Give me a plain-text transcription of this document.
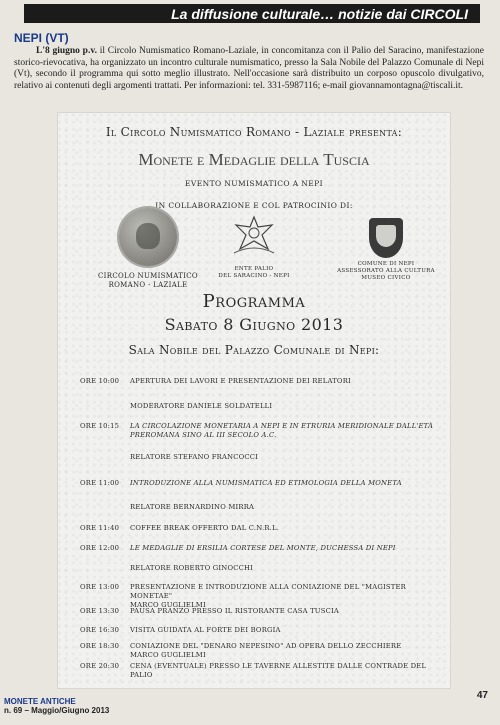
La diffusione culturale… notizie dai CIRCOLI
NEPI (VT)

L'8 giugno p.v. il Circolo Numismatico Romano-Laziale, in concomitanza con il Palio del Saracino, manifestazione storico-rievocativa, ha organizzato un incontro culturale numismatico, presso la Sala Nobile del Palazzo Comunale di Nepi (Vt), secondo il programma qui sotto meglio illustrato. Nell'occasione sarà distribuito un corposo opuscolo divulgativo, relativo ai contenuti degli argomenti trattati. Per informazioni: tel. 331-5987116; e-mail giovannamontagna@tiscali.it.

Il Circolo Numismatico Romano - Laziale presenta:
Monete e Medaglie della Tuscia
EVENTO NUMISMATICO A NEPI
IN COLLABORAZIONE E COL PATROCINIO DI:
CIRCOLO NUMISMATICO
ROMANO - LAZIALE
ENTE PALIO
DEL SARACINO - NEPI
COMUNE DI NEPI
ASSESSORATO ALLA CULTURA
MUSEO CIVICO
Programma
Sabato 8 Giugno 2013
Sala Nobile del Palazzo Comunale di Nepi:
ORE 10:00	APERTURA DEI LAVORI E PRESENTAZIONE DEI RELATORI
MODERATORE DANIELE SOLDATELLI
ORE 10:15	LA CIRCOLAZIONE MONETARIA A NEPI E IN ETRURIA MERIDIONALE DALL'ETÀ
PREROMANA SINO AL III SECOLO A.C.
RELATORE STEFANO FRANCOCCI
ORE 11:00	INTRODUZIONE ALLA NUMISMATICA ED ETIMOLOGIA DELLA MONETA
RELATORE BERNARDINO MIRRA
ORE 11:40	COFFEE BREAK OFFERTO DAL C.N.R.L.
ORE 12:00	LE MEDAGLIE DI ERSILIA CORTESE DEL MONTE, DUCHESSA DI NEPI
RELATORE ROBERTO GINOCCHI
ORE 13:00	PRESENTAZIONE E INTRODUZIONE ALLA CONIAZIONE DEL "MAGISTER MONETAE"
MARCO GUGLIELMI
ORE 13:30	PAUSA PRANZO PRESSO IL RISTORANTE CASA TUSCIA
ORE 16:30	VISITA GUIDATA AL FORTE DEI BORGIA
ORE 18:30	CONIAZIONE DEL "DENARO NEPESINO" AD OPERA DELLO ZECCHIERE
MARCO GUGLIELMI
ORE 20:30	CENA (EVENTUALE) PRESSO LE TAVERNE ALLESTITE DALLE CONTRADE DEL PALIO
MONETE ANTICHE
n. 69 – Maggio/Giugno 2013
47
